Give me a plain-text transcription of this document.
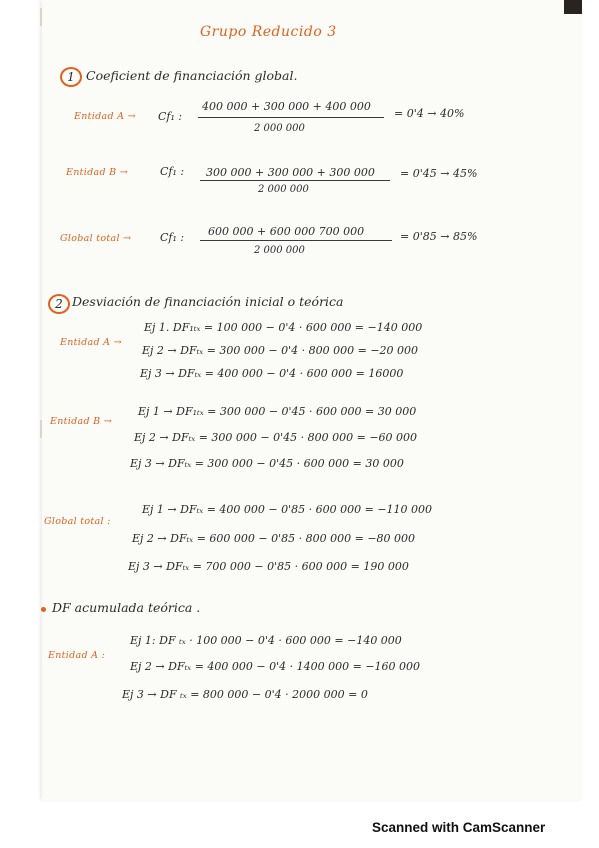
Grupo Reducido 3
1 Coeficient de financiación global.
Entidad A → Cf₁ :
400 000 + 300 000 + 400 000
2 000 000
= 0'4 → 40%
Entidad B →	Cf₁ : 300 000 + 300 000 + 300 000
2 000 000
= 0'45 → 45%
Global total →	Cf₁ : 600 000 + 600 000 700 000
2 000 000
= 0'85 → 85%
2 Desviación de financiación inicial o teórica
Entidad A →
Ej 1. DF₁ₜₓ = 100 000 − 0'4 · 600 000 = −140 000
Ej 2 → DFₜₓ = 300 000 − 0'4 · 800 000 = −20 000
Ej 3 → DFₜₓ = 400 000 − 0'4 · 600 000 = 16000
Entidad B →
Ej 1 → DF₁ₜₓ = 300 000 − 0'45 · 600 000 = 30 000
Ej 2 → DFₜₓ = 300 000 − 0'45 · 800 000 = −60 000
Ej 3 → DFₜₓ = 300 000 − 0'45 · 600 000 = 30 000
Global total :
Ej 1 → DFₜₓ = 400 000 − 0'85 · 600 000 = −110 000
Ej 2 → DFₜₓ = 600 000 − 0'85 · 800 000 = −80 000
Ej 3 → DFₜₓ = 700 000 − 0'85 · 600 000 = 190 000
DF acumulada teórica .
Entidad A :
Ej 1: DF ₜₓ · 100 000 − 0'4 · 600 000 = −140 000
Ej 2 → DFₜₓ = 400 000 − 0'4 · 1400 000 = −160 000
Ej 3 → DF ₜₓ = 800 000 − 0'4 · 2000 000 = 0
Scanned with CamScanner
